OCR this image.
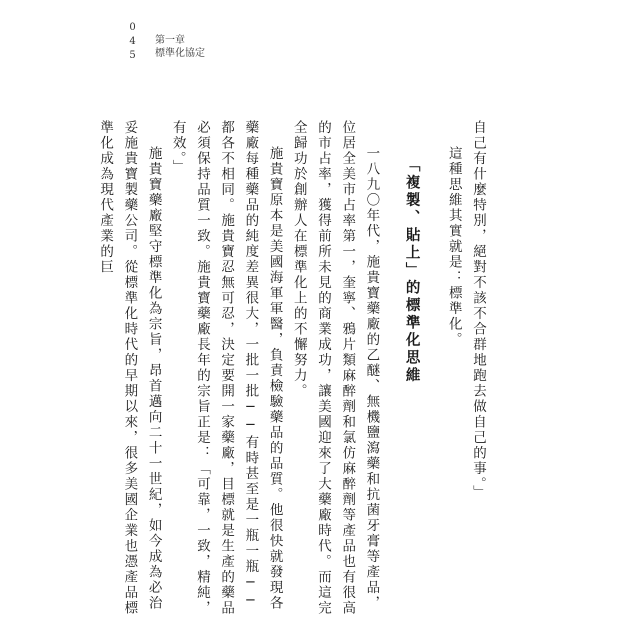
045 第一章
標準化協定

自己有什麼特別，絕對不該不合群地跑去做自己的事。」

這種思維其實就是：標準化。

「複製、貼上」的標準化思維

一八九〇年代，施貴寶藥廠的乙醚、無機鹽瀉藥和抗菌牙膏等產品，位居全美市占率第一，奎寧、鴉片類麻醉劑和氯仿麻醉劑等產品也有很高的市占率，獲得前所未見的商業成功，讓美國迎來了大藥廠時代。而這完全歸功於創辦人在標準化上的不懈努力。

施貴寶原本是美國海軍軍醫，負責檢驗藥品的品質。他很快就發現各藥廠每種藥品的純度差異很大，一批一批──有時甚至是一瓶一瓶──都各不相同。施貴寶忍無可忍，決定要開一家藥廠，目標就是生產的藥品必須保持品質一致。施貴寶藥廠長年的宗旨正是：「可靠，一致，精純，有效。」

施貴寶藥廠堅守標準化為宗旨，昂首邁向二十一世紀，如今成為必治妥施貴寶製藥公司。從標準化時代的早期以來，很多美國企業也憑產品標準化成為現代產業的巨
